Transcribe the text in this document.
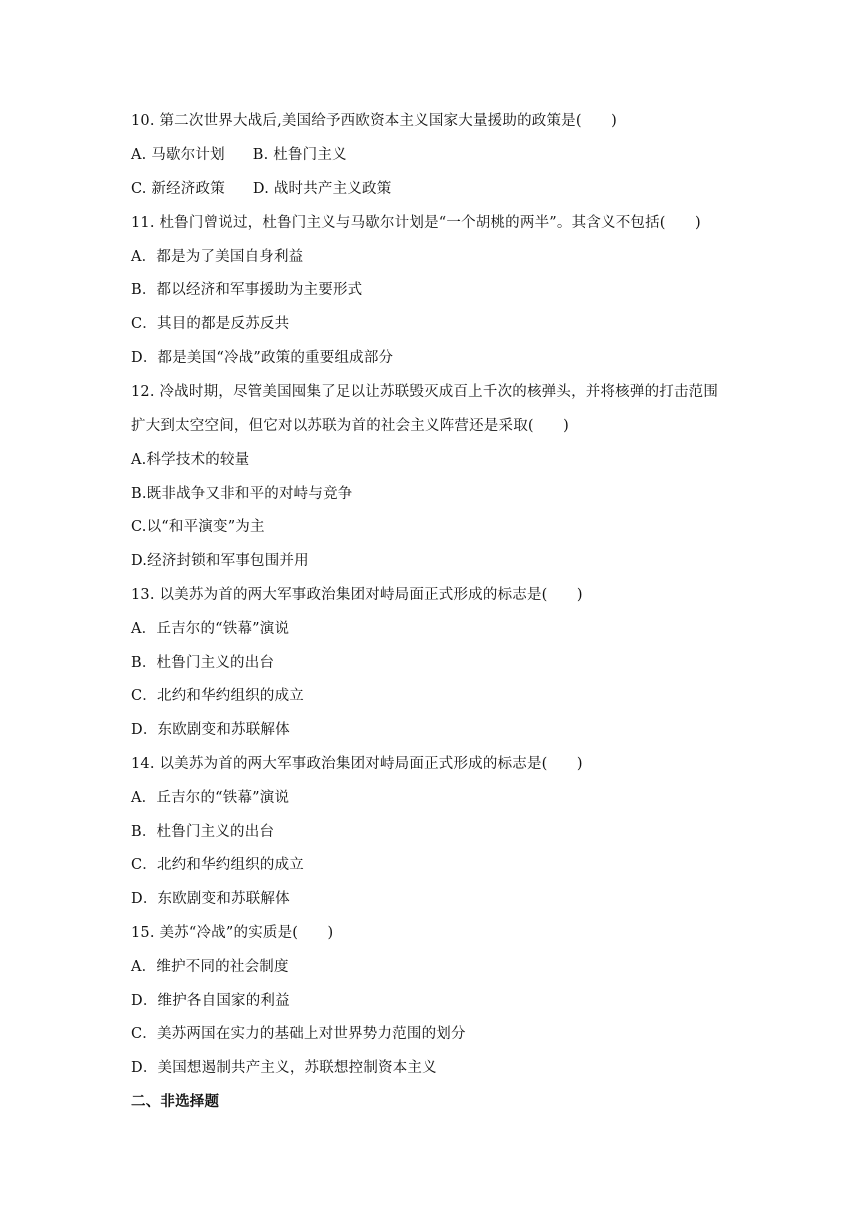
10. 第二次世界大战后,美国给予西欧资本主义国家大量援助的政策是(　　)
A. 马歇尔计划 B. 杜鲁门主义
C. 新经济政策 D. 战时共产主义政策
11. 杜鲁门曾说过，杜鲁门主义与马歇尔计划是“一个胡桃的两半”。其含义不包括(　　)
A．都是为了美国自身利益
B．都以经济和军事援助为主要形式
C．其目的都是反苏反共
D．都是美国“冷战”政策的重要组成部分
12. 冷战时期，尽管美国囤集了足以让苏联毁灭成百上千次的核弹头，并将核弹的打击范围
扩大到太空空间，但它对以苏联为首的社会主义阵营还是采取(　　)
A.科学技术的较量
B.既非战争又非和平的对峙与竞争
C.以“和平演变”为主
D.经济封锁和军事包围并用
13. 以美苏为首的两大军事政治集团对峙局面正式形成的标志是(　　)
A．丘吉尔的“铁幕”演说
B．杜鲁门主义的出台
C．北约和华约组织的成立
D．东欧剧变和苏联解体
14. 以美苏为首的两大军事政治集团对峙局面正式形成的标志是(　　)
A．丘吉尔的“铁幕”演说
B．杜鲁门主义的出台
C．北约和华约组织的成立
D．东欧剧变和苏联解体
15. 美苏“冷战”的实质是(　　)
A．维护不同的社会制度
D．维护各自国家的利益
C．美苏两国在实力的基础上对世界势力范围的划分
D．美国想遏制共产主义，苏联想控制资本主义
二、非选择题
